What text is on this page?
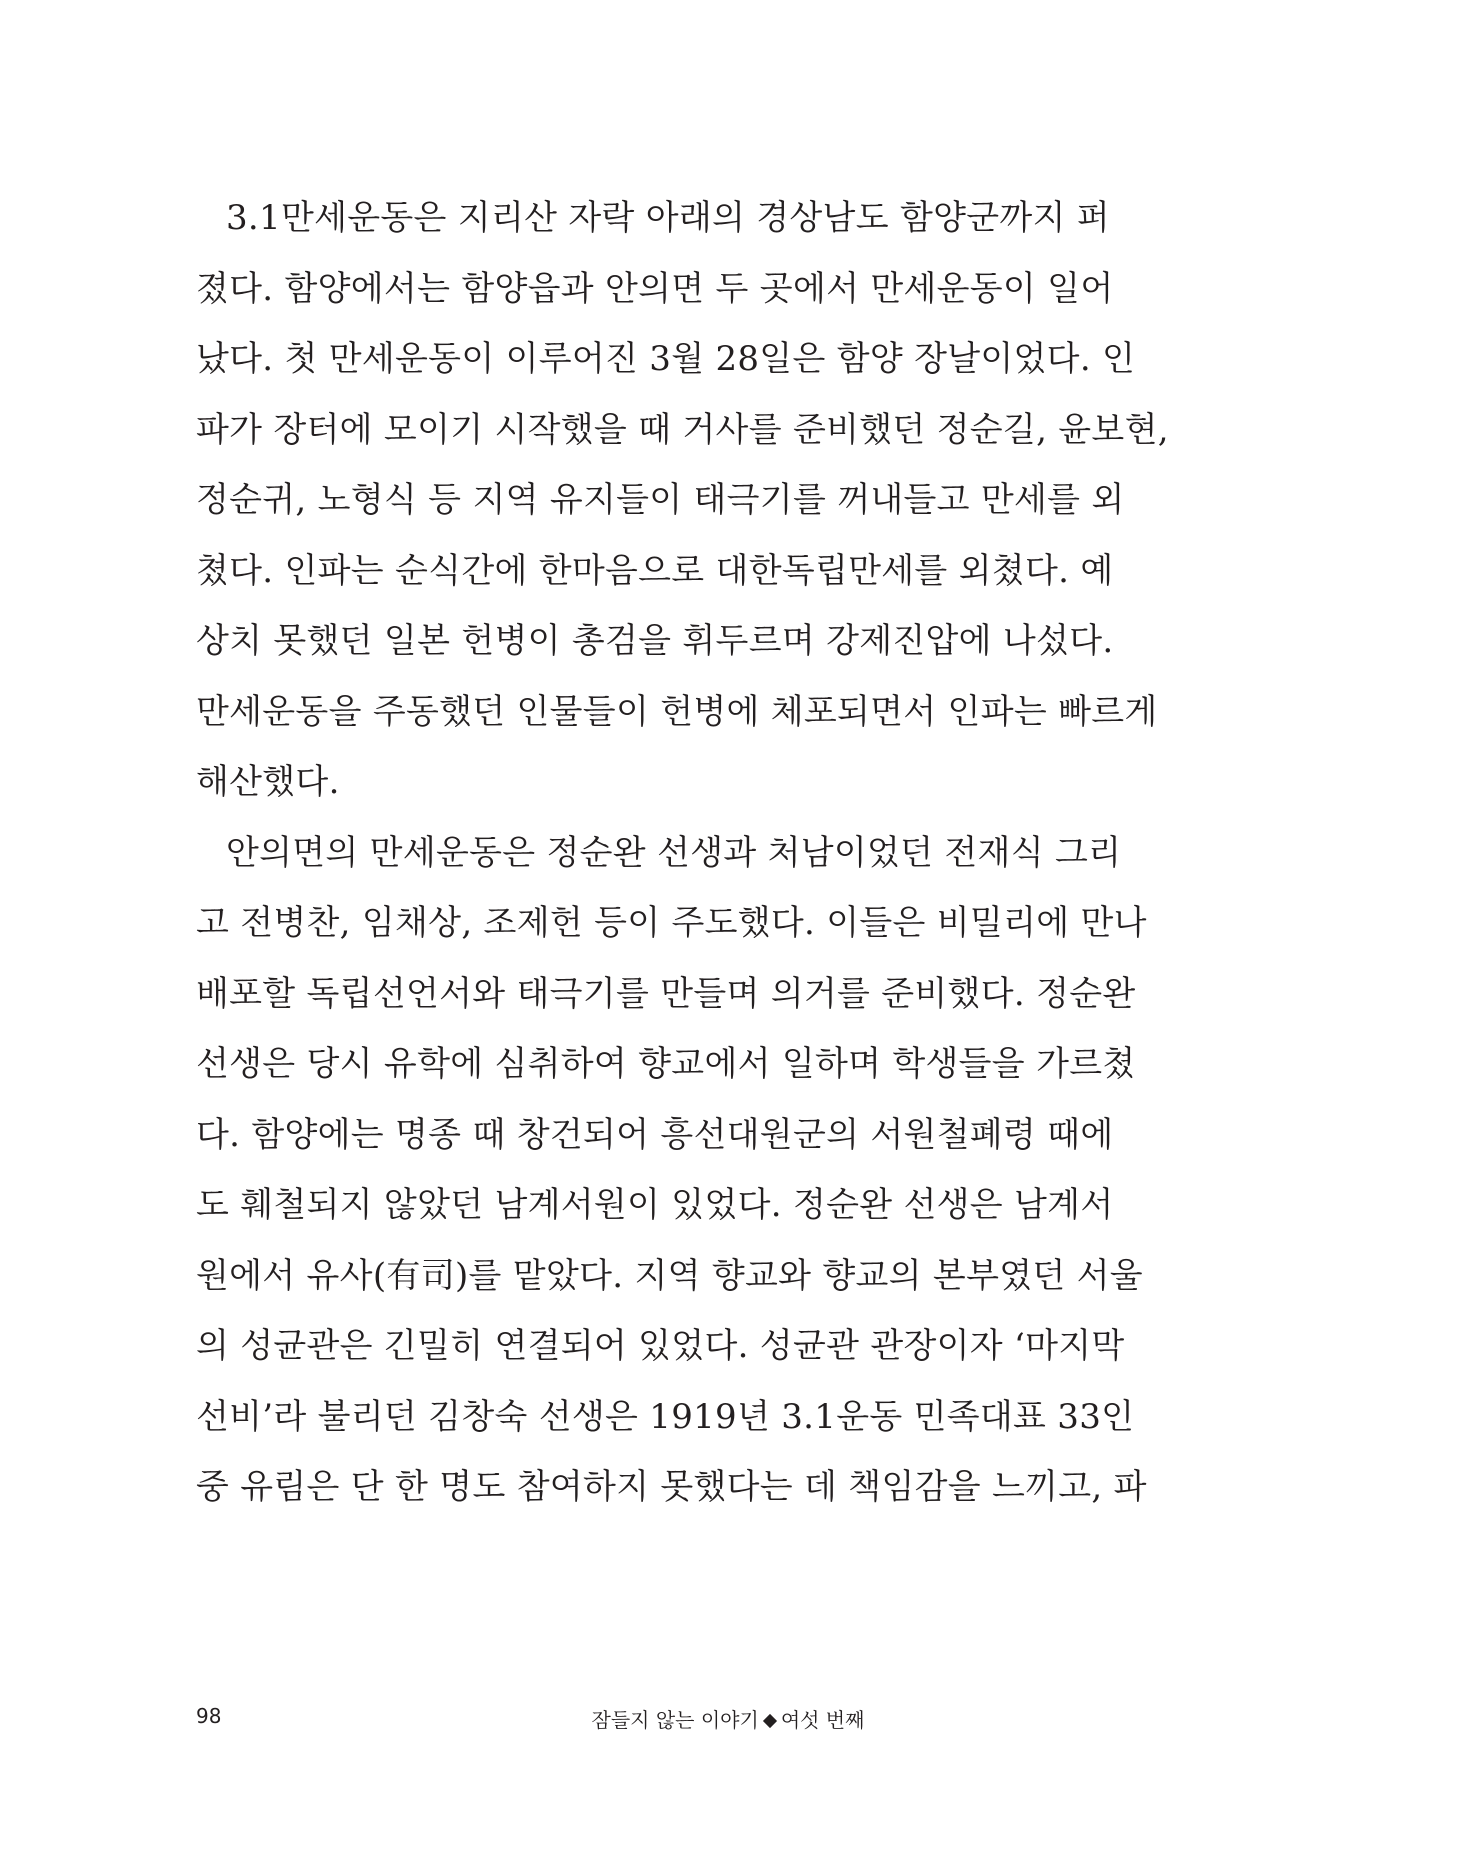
3.1만세운동은 지리산 자락 아래의 경상남도 함양군까지 퍼
졌다. 함양에서는 함양읍과 안의면 두 곳에서 만세운동이 일어
났다. 첫 만세운동이 이루어진 3월 28일은 함양 장날이었다. 인
파가 장터에 모이기 시작했을 때 거사를 준비했던 정순길, 윤보현,
정순귀, 노형식 등 지역 유지들이 태극기를 꺼내들고 만세를 외
쳤다. 인파는 순식간에 한마음으로 대한독립만세를 외쳤다. 예
상치 못했던 일본 헌병이 총검을 휘두르며 강제진압에 나섰다.
만세운동을 주동했던 인물들이 헌병에 체포되면서 인파는 빠르게
해산했다.
안의면의 만세운동은 정순완 선생과 처남이었던 전재식 그리
고 전병찬, 임채상, 조제헌 등이 주도했다. 이들은 비밀리에 만나
배포할 독립선언서와 태극기를 만들며 의거를 준비했다. 정순완
선생은 당시 유학에 심취하여 향교에서 일하며 학생들을 가르쳤
다. 함양에는 명종 때 창건되어 흥선대원군의 서원철폐령 때에
도 훼철되지 않았던 남계서원이 있었다. 정순완 선생은 남계서
원에서 유사(有司)를 맡았다. 지역 향교와 향교의 본부였던 서울
의 성균관은 긴밀히 연결되어 있었다. 성균관 관장이자 ‘마지막
선비’라 불리던 김창숙 선생은 1919년 3.1운동 민족대표 33인
중 유림은 단 한 명도 참여하지 못했다는 데 책임감을 느끼고, 파
98	잠들지 않는 이야기 여섯 번째
